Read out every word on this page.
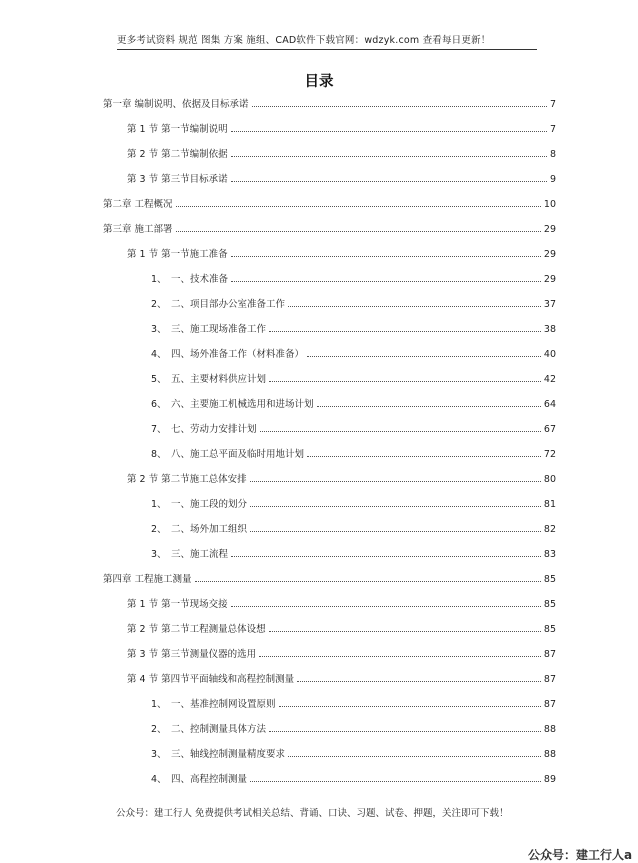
更多考试资料 规范 图集 方案 施组、CAD软件下载官网：wdzyk.com 查看每日更新！
目录
第一章 编制说明、依据及目标承诺	7
第 1 节 第一节编制说明	7
第 2 节 第二节编制依据	8
第 3 节 第三节目标承诺	9
第二章 工程概况	10
第三章 施工部署	29
第 1 节 第一节施工准备	29
1、 一、技术准备	29
2、 二、项目部办公室准备工作	37
3、 三、施工现场准备工作	38
4、 四、场外准备工作（材料准备）	40
5、 五、主要材料供应计划	42
6、 六、主要施工机械选用和进场计划	64
7、 七、劳动力安排计划	67
8、 八、施工总平面及临时用地计划	72
第 2 节 第二节施工总体安排	80
1、 一、施工段的划分	81
2、 二、场外加工组织	82
3、 三、施工流程	83
第四章 工程施工测量	85
第 1 节 第一节现场交接	85
第 2 节 第二节工程测量总体设想	85
第 3 节 第三节测量仪器的选用	87
第 4 节 第四节平面轴线和高程控制测量	87
1、 一、基准控制网设置原则	87
2、 二、控制测量具体方法	88
3、 三、轴线控制测量精度要求	88
4、 四、高程控制测量	89
公众号：建工行人 免费提供考试相关总结、背诵、口诀、习题、试卷、押题，关注即可下载！
公众号：建工行人a
